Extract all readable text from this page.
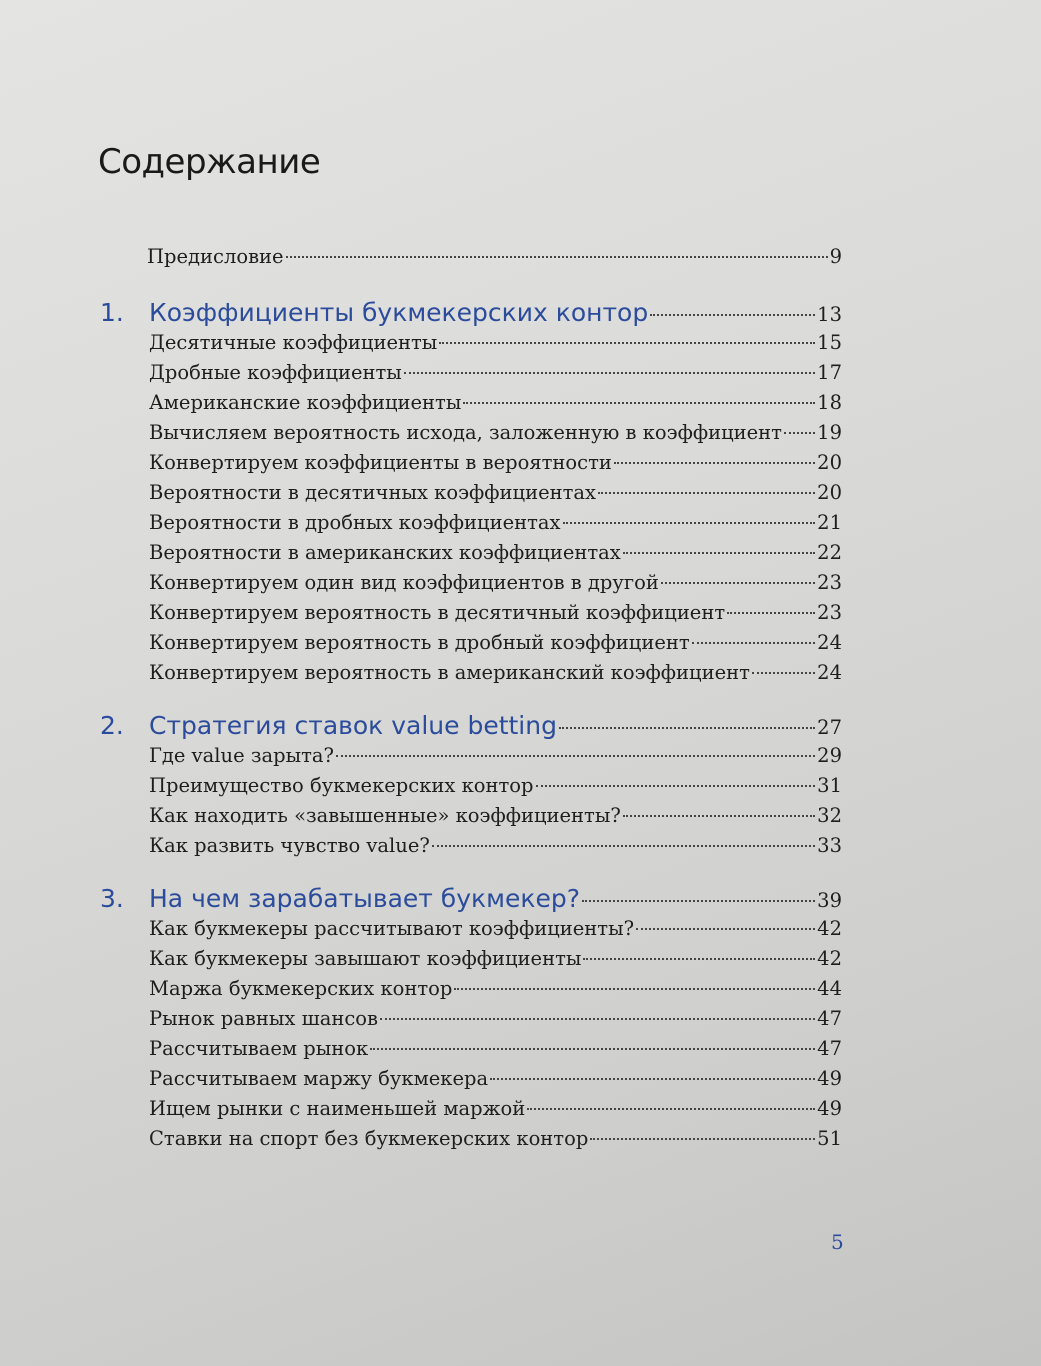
Содержание
Предисловие	9
1.	Коэффициенты букмекерских контор	13
Десятичные коэффициенты	15
Дробные коэффициенты	17
Американские коэффициенты	18
Вычисляем вероятность исхода, заложенную в коэффициент 19
Конвертируем коэффициенты в вероятности	20
Вероятности в десятичных коэффициентах	20
Вероятности в дробных коэффициентах	21
Вероятности в американских коэффициентах	22
Конвертируем один вид коэффициентов в другой	23
Конвертируем вероятность в десятичный коэффициент	23
Конвертируем вероятность в дробный коэффициент	24
Конвертируем вероятность в американский коэффициент	24
2.	Стратегия ставок value betting	27
Где value зарыта?	29
Преимущество букмекерских контор	31
Как находить «завышенные» коэффициенты?	32
Как развить чувство value?	33
3.	На чем зарабатывает букмекер?	39
Как букмекеры рассчитывают коэффициенты?	42
Как букмекеры завышают коэффициенты	42
Маржа букмекерских контор	44
Рынок равных шансов	47
Рассчитываем рынок	47
Рассчитываем маржу букмекера	49
Ищем рынки с наименьшей маржой	49
Ставки на спорт без букмекерских контор	51
5
